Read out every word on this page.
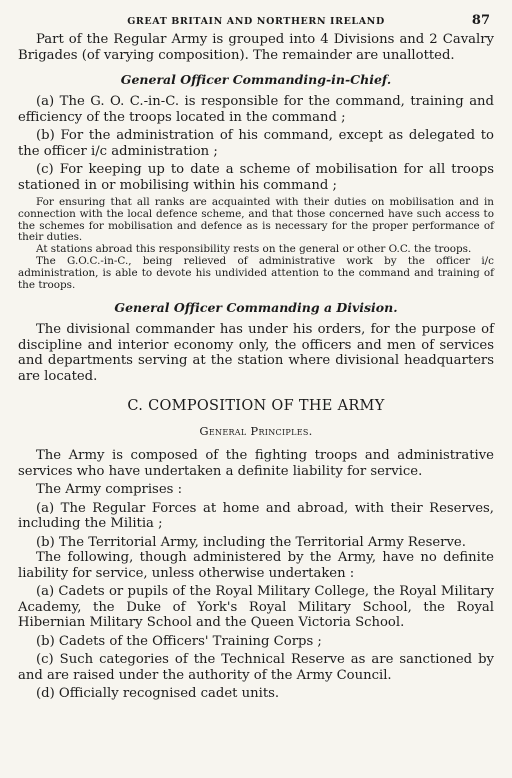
GREAT BRITAIN AND NORTHERN IRELAND	87

Part of the Regular Army is grouped into 4 Divisions and 2 Cavalry Brigades (of varying composition). The remainder are unallotted.

General Officer Commanding-in-Chief.

(a) The G. O. C.-in-C. is responsible for the command, training and efficiency of the troops located in the command ;

(b) For the administration of his command, except as delegated to the officer i/c administration ;

(c) For keeping up to date a scheme of mobilisation for all troops stationed in or mobilising within his command ;

For ensuring that all ranks are acquainted with their duties on mobilisation and in connection with the local defence scheme, and that those concerned have such access to the schemes for mobilisation and defence as is necessary for the proper performance of their duties.

At stations abroad this responsibility rests on the general or other O.C. the troops.

The G.O.C.-in-C., being relieved of administrative work by the officer i/c administration, is able to devote his undivided attention to the command and training of the troops.

General Officer Commanding a Division.

The divisional commander has under his orders, for the purpose of discipline and interior economy only, the officers and men of services and departments serving at the station where divisional headquarters are located.

C. COMPOSITION OF THE ARMY
General Principles.

The Army is composed of the fighting troops and administrative services who have undertaken a definite liability for service.

The Army comprises :

(a) The Regular Forces at home and abroad, with their Reserves, including the Militia ;

(b) The Territorial Army, including the Territorial Army Reserve.

The following, though administered by the Army, have no definite liability for service, unless otherwise undertaken :

(a) Cadets or pupils of the Royal Military College, the Royal Military Academy, the Duke of York's Royal Military School, the Royal Hibernian Military School and the Queen Victoria School.

(b) Cadets of the Officers' Training Corps ;

(c) Such categories of the Technical Reserve as are sanctioned by and are raised under the authority of the Army Council.

(d) Officially recognised cadet units.
